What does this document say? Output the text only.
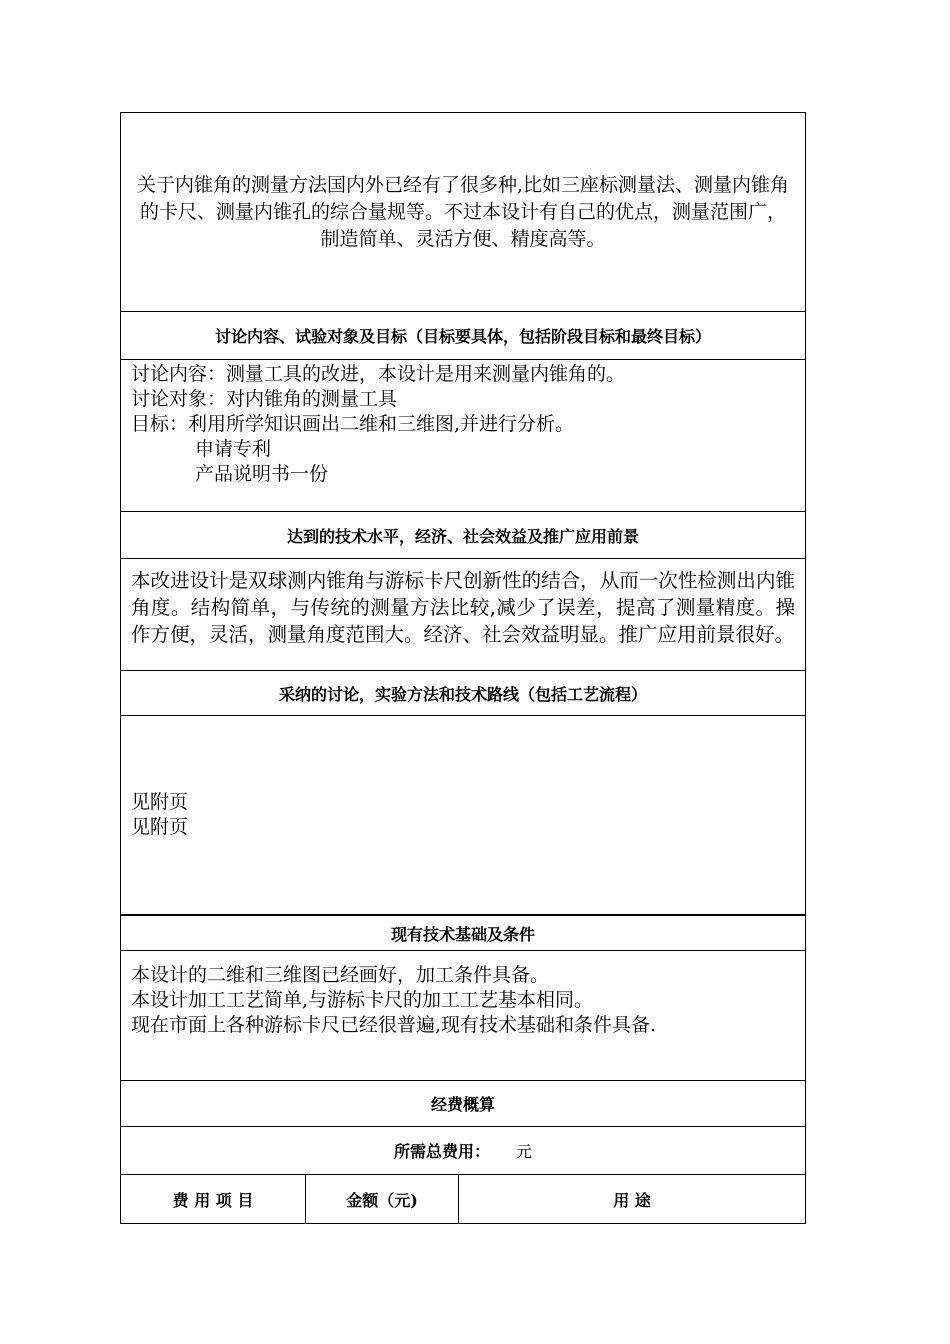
关于内锥角的测量方法国内外已经有了很多种,比如三座标测量法、测量内锥角的卡尺、测量内锥孔的综合量规等。不过本设计有自己的优点，测量范围广，制造简单、灵活方便、精度高等。

讨论内容、试验对象及目标（目标要具体，包括阶段目标和最终目标）
讨论内容：测量工具的改进，本设计是用来测量内锥角的。
讨论对象：对内锥角的测量工具
目标：利用所学知识画出二维和三维图,并进行分析。
申请专利
产品说明书一份
达到的技术水平，经济、社会效益及推广应用前景
本改进设计是双球测内锥角与游标卡尺创新性的结合，从而一次性检测出内锥角度。结构简单，与传统的测量方法比较,减少了误差，提高了测量精度。操作方便，灵活，测量角度范围大。经济、社会效益明显。推广应用前景很好。
采纳的讨论，实验方法和技术路线（包括工艺流程）
见附页
见附页
现有技术基础及条件
本设计的二维和三维图已经画好，加工条件具备。
本设计加工工艺简单,与游标卡尺的加工工艺基本相同。
现在市面上各种游标卡尺已经很普遍,现有技术基础和条件具备.
经费概算
所需总费用： 元
费 用 项 目	金额（元)	用 途
